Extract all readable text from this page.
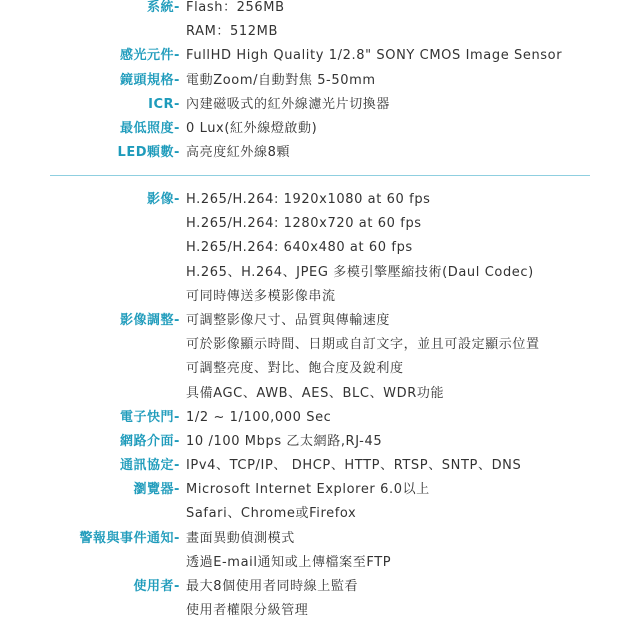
系統 - Flash：256MB
RAM：512MB
感光元件 - FullHD High Quality 1/2.8" SONY CMOS Image Sensor
鏡頭規格 - 電動Zoom/自動對焦 5-50mm
ICR - 內建磁吸式的紅外線濾光片切換器
最低照度 - 0 Lux(紅外線燈啟動)
LED顆數 - 高亮度紅外線8顆
影像 - H.265/H.264: 1920x1080 at 60 fps
H.265/H.264: 1280x720 at 60 fps
H.265/H.264: 640x480 at 60 fps
H.265、H.264、JPEG 多模引擎壓縮技術(Daul Codec)
可同時傳送多模影像串流
影像調整 - 可調整影像尺寸、品質與傳輸速度
可於影像顯示時間、日期或自訂文字，並且可設定顯示位置
可調整亮度、對比、飽合度及銳利度
具備AGC、AWB、AES、BLC、WDR功能
電子快門 - 1/2 ~ 1/100,000 Sec
網路介面 - 10 /100 Mbps 乙太網路,RJ-45
通訊協定 - IPv4、TCP/IP、 DHCP、HTTP、RTSP、SNTP、DNS
瀏覽器 - Microsoft Internet Explorer 6.0以上
Safari、Chrome或Firefox
警報與事件通知 - 畫面異動偵測模式
透過E-mail通知或上傳檔案至FTP
使用者 - 最大8個使用者同時線上監看
使用者權限分級管理
